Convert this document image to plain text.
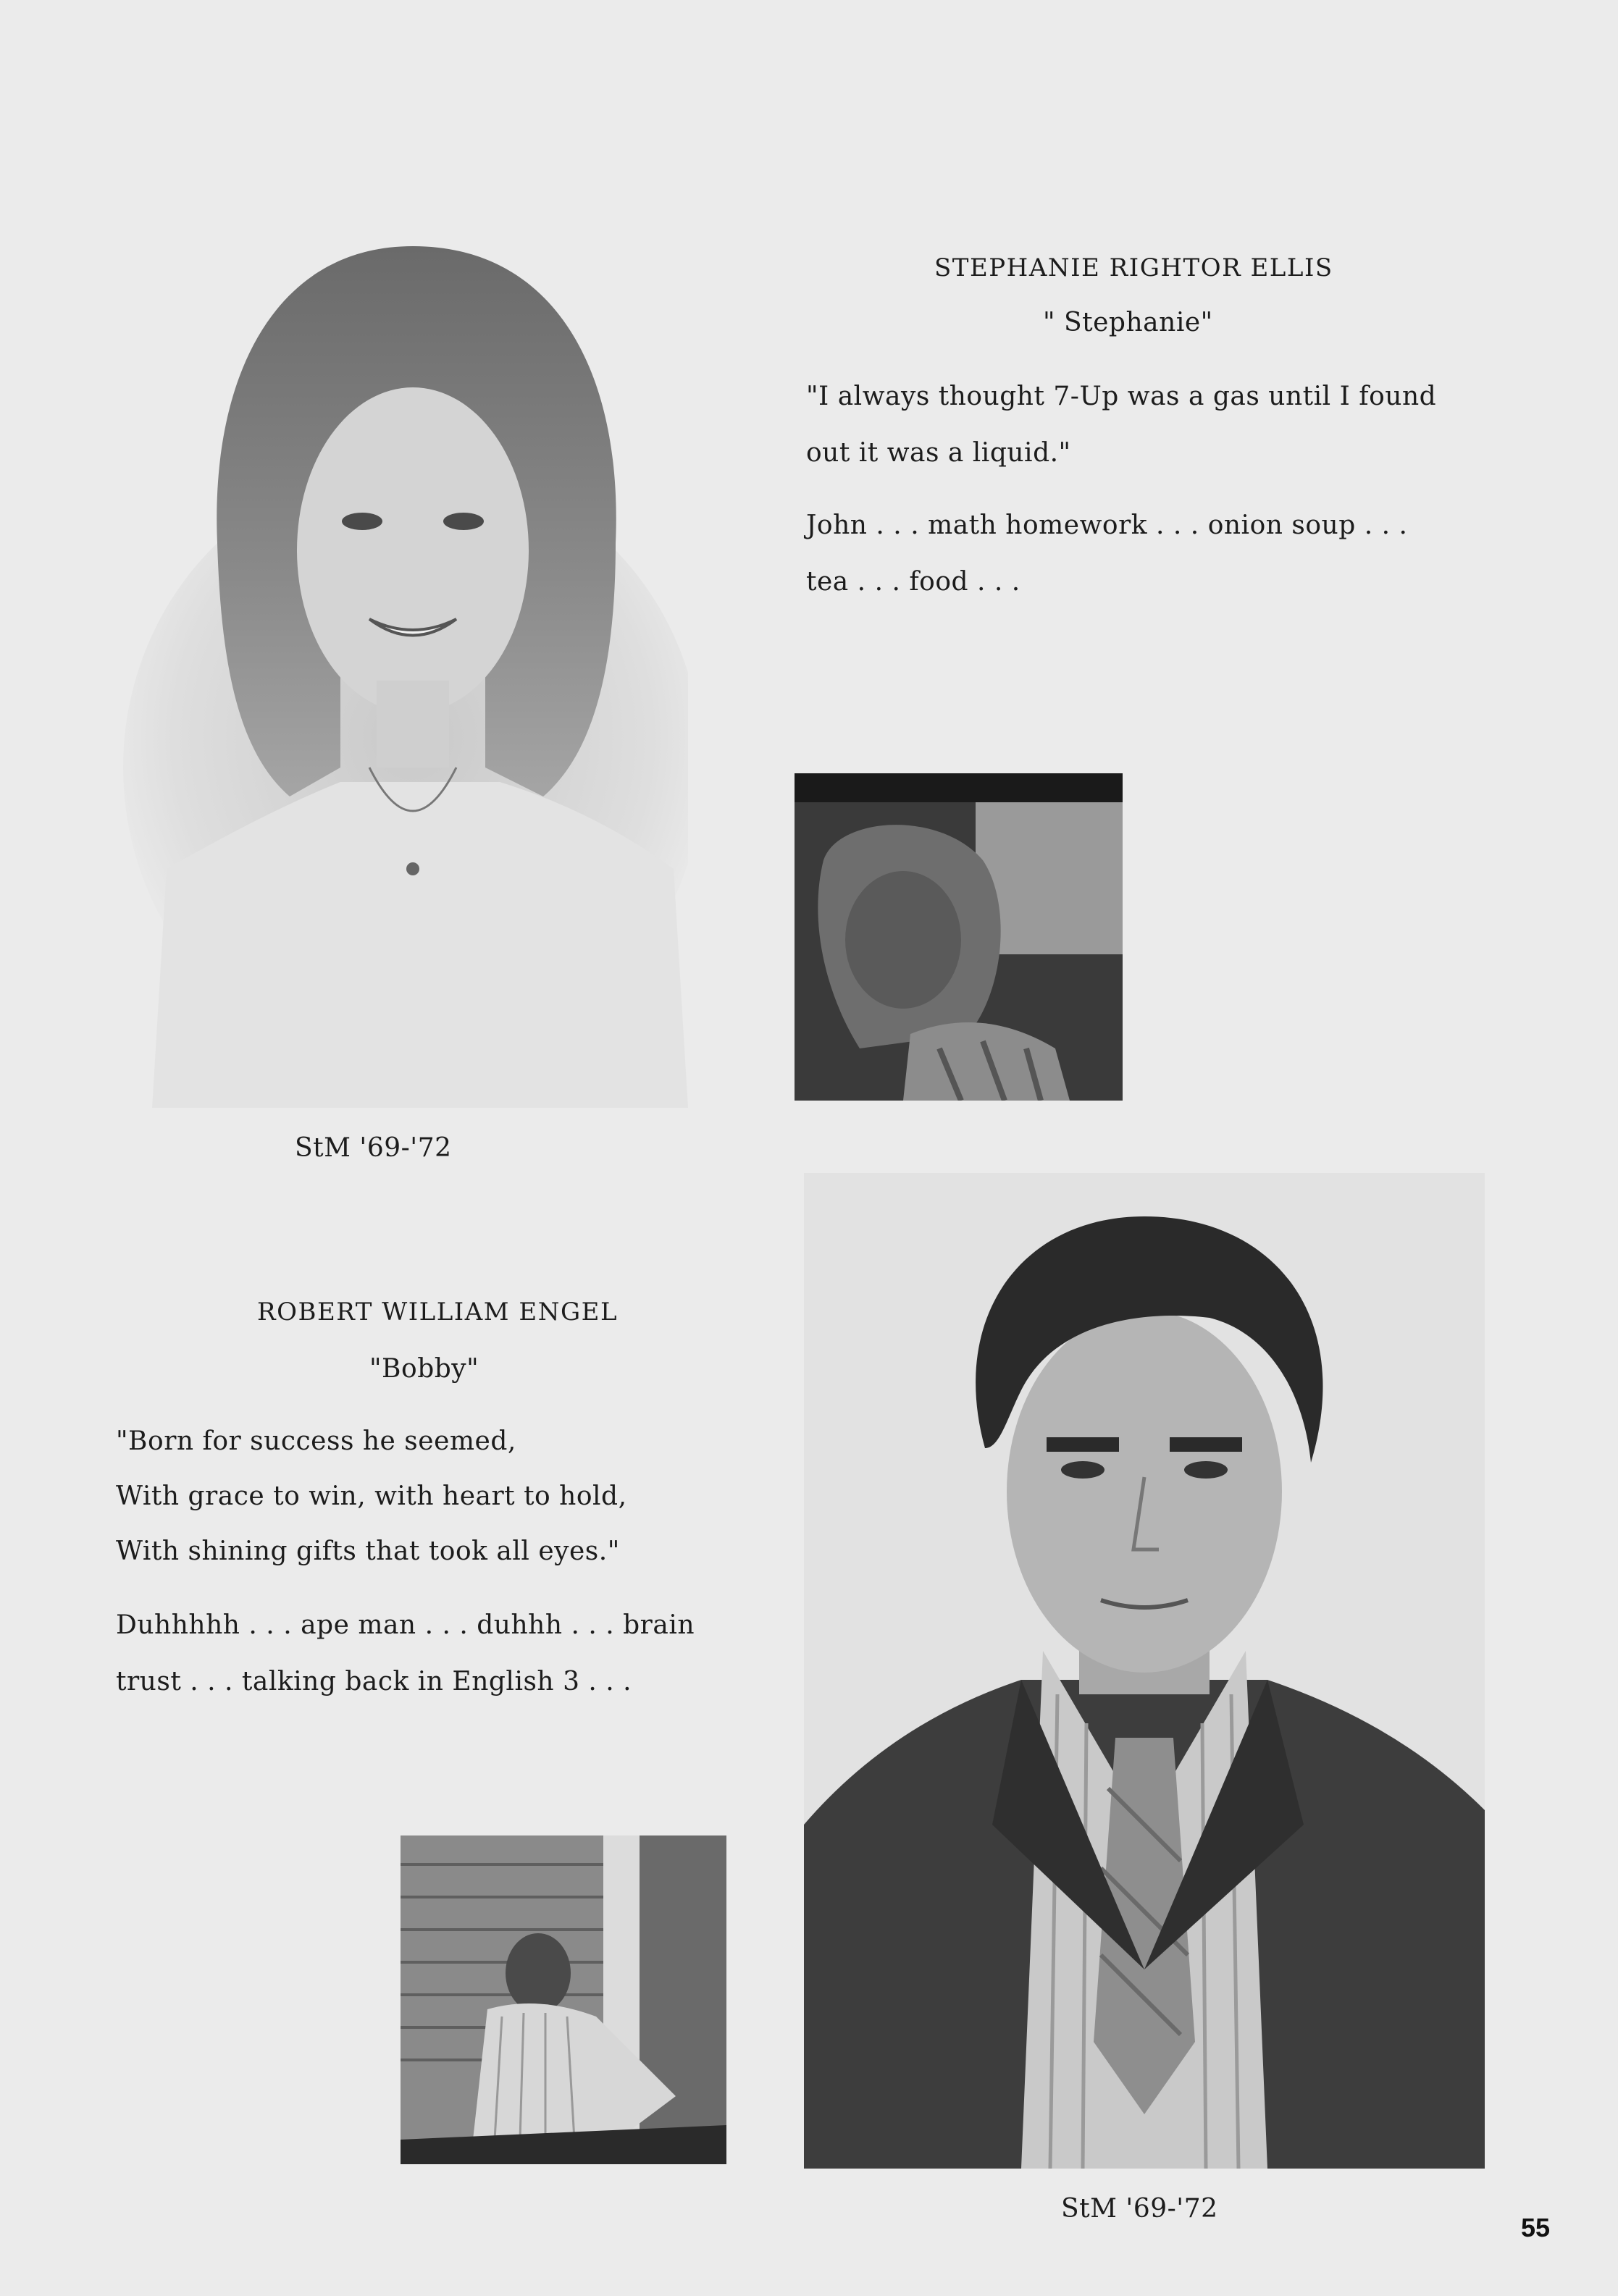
STEPHANIE RIGHTOR ELLIS
" Stephanie"
"I always thought 7-Up was a gas until I found
out it was a liquid."
John . . . math homework . . . onion soup . . .
tea . . . food . . .
StM '69-'72
ROBERT WILLIAM ENGEL
"Bobby"
"Born for success he seemed,
With grace to win, with heart to hold,
With shining gifts that took all eyes."
Duhhhhh . . . ape man . . . duhhh . . . brain
trust . . . talking back in English 3 . . .
StM '69-'72
55
